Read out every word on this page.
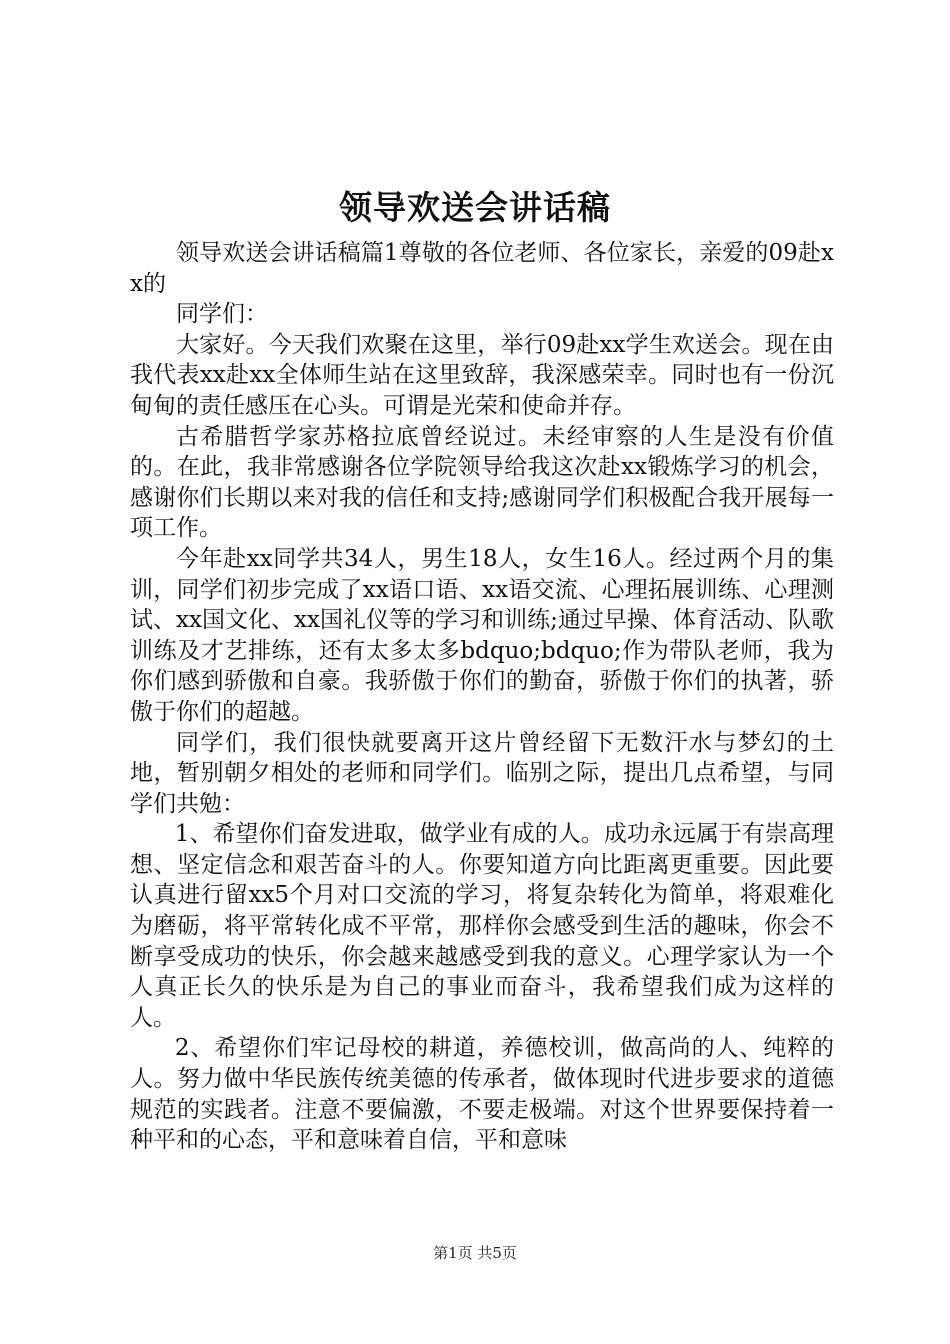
领导欢送会讲话稿

领导欢送会讲话稿篇1尊敬的各位老师、各位家长，亲爱的09赴xx的

同学们：

大家好。今天我们欢聚在这里，举行09赴xx学生欢送会。现在由我代表xx赴xx全体师生站在这里致辞，我深感荣幸。同时也有一份沉甸甸的责任感压在心头。可谓是光荣和使命并存。

古希腊哲学家苏格拉底曾经说过。未经审察的人生是没有价值的。在此，我非常感谢各位学院领导给我这次赴xx锻炼学习的机会，感谢你们长期以来对我的信任和支持;感谢同学们积极配合我开展每一项工作。

今年赴xx同学共34人，男生18人，女生16人。经过两个月的集训，同学们初步完成了xx语口语、xx语交流、心理拓展训练、心理测试、xx国文化、xx国礼仪等的学习和训练;通过早操、体育活动、队歌训练及才艺排练，还有太多太多bdquo;bdquo;作为带队老师，我为你们感到骄傲和自豪。我骄傲于你们的勤奋，骄傲于你们的执著，骄傲于你们的超越。

同学们，我们很快就要离开这片曾经留下无数汗水与梦幻的土地，暂别朝夕相处的老师和同学们。临别之际，提出几点希望，与同学们共勉：

1、希望你们奋发进取，做学业有成的人。成功永远属于有崇高理想、坚定信念和艰苦奋斗的人。你要知道方向比距离更重要。因此要认真进行留xx5个月对口交流的学习，将复杂转化为简单，将艰难化为磨砺，将平常转化成不平常，那样你会感受到生活的趣味，你会不断享受成功的快乐，你会越来越感受到我的意义。心理学家认为一个人真正长久的快乐是为自己的事业而奋斗，我希望我们成为这样的人。

2、希望你们牢记母校的耕道，养德校训，做高尚的人、纯粹的人。努力做中华民族传统美德的传承者，做体现时代进步要求的道德规范的实践者。注意不要偏激，不要走极端。对这个世界要保持着一种平和的心态，平和意味着自信，平和意味

第1页 共5页
